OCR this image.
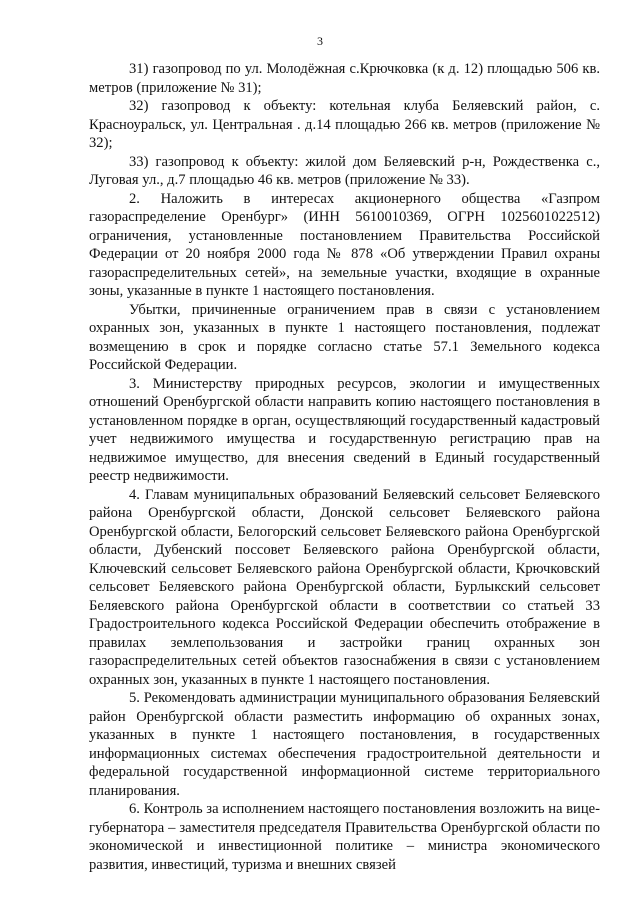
3

31) газопровод по ул. Молодёжная с.Крючковка (к д. 12) площадью 506 кв. метров (приложение № 31);

32) газопровод к объекту: котельная клуба Беляевский район, с. Красноуральск, ул. Центральная . д.14 площадью 266 кв. метров (приложение № 32);

33) газопровод к объекту: жилой дом Беляевский р-н, Рождественка с., Луговая ул., д.7 площадью 46 кв. метров (приложение № 33).

2. Наложить в интересах акционерного общества «Газпром газораспределение Оренбург» (ИНН 5610010369, ОГРН 1025601022512) ограничения, установленные постановлением Правительства Российской Федерации от 20 ноября 2000 года № 878 «Об утверждении Правил охраны газораспределительных сетей», на земельные участки, входящие в охранные зоны, указанные в пункте 1 настоящего постановления.

Убытки, причиненные ограничением прав в связи с установлением охранных зон, указанных в пункте 1 настоящего постановления, подлежат возмещению в срок и порядке согласно статье 57.1 Земельного кодекса Российской Федерации.

3. Министерству природных ресурсов, экологии и имущественных отношений Оренбургской области направить копию настоящего постановления в установленном порядке в орган, осуществляющий государственный кадастровый учет недвижимого имущества и государственную регистрацию прав на недвижимое имущество, для внесения сведений в Единый государственный реестр недвижимости.

4. Главам муниципальных образований Беляевский сельсовет Беляевского района Оренбургской области, Донской сельсовет Беляевского района Оренбургской области, Белогорский сельсовет Беляевского района Оренбургской области, Дубенский поссовет Беляевского района Оренбургской области, Ключевский сельсовет Беляевского района Оренбургской области, Крючковский сельсовет Беляевского района Оренбургской области, Бурлыкский сельсовет Беляевского района Оренбургской области в соответствии со статьей 33 Градостроительного кодекса Российской Федерации обеспечить отображение в правилах землепользования и застройки границ охранных зон газораспределительных сетей объектов газоснабжения в связи с установлением охранных зон, указанных в пункте 1 настоящего постановления.

5. Рекомендовать администрации муниципального образования Беляевский район Оренбургской области разместить информацию об охранных зонах, указанных в пункте 1 настоящего постановления, в государственных информационных системах обеспечения градостроительной деятельности и федеральной государственной информационной системе территориального планирования.

6. Контроль за исполнением настоящего постановления возложить на вице-губернатора – заместителя председателя Правительства Оренбургской области по экономической и инвестиционной политике – министра экономического развития, инвестиций, туризма и внешних связей
